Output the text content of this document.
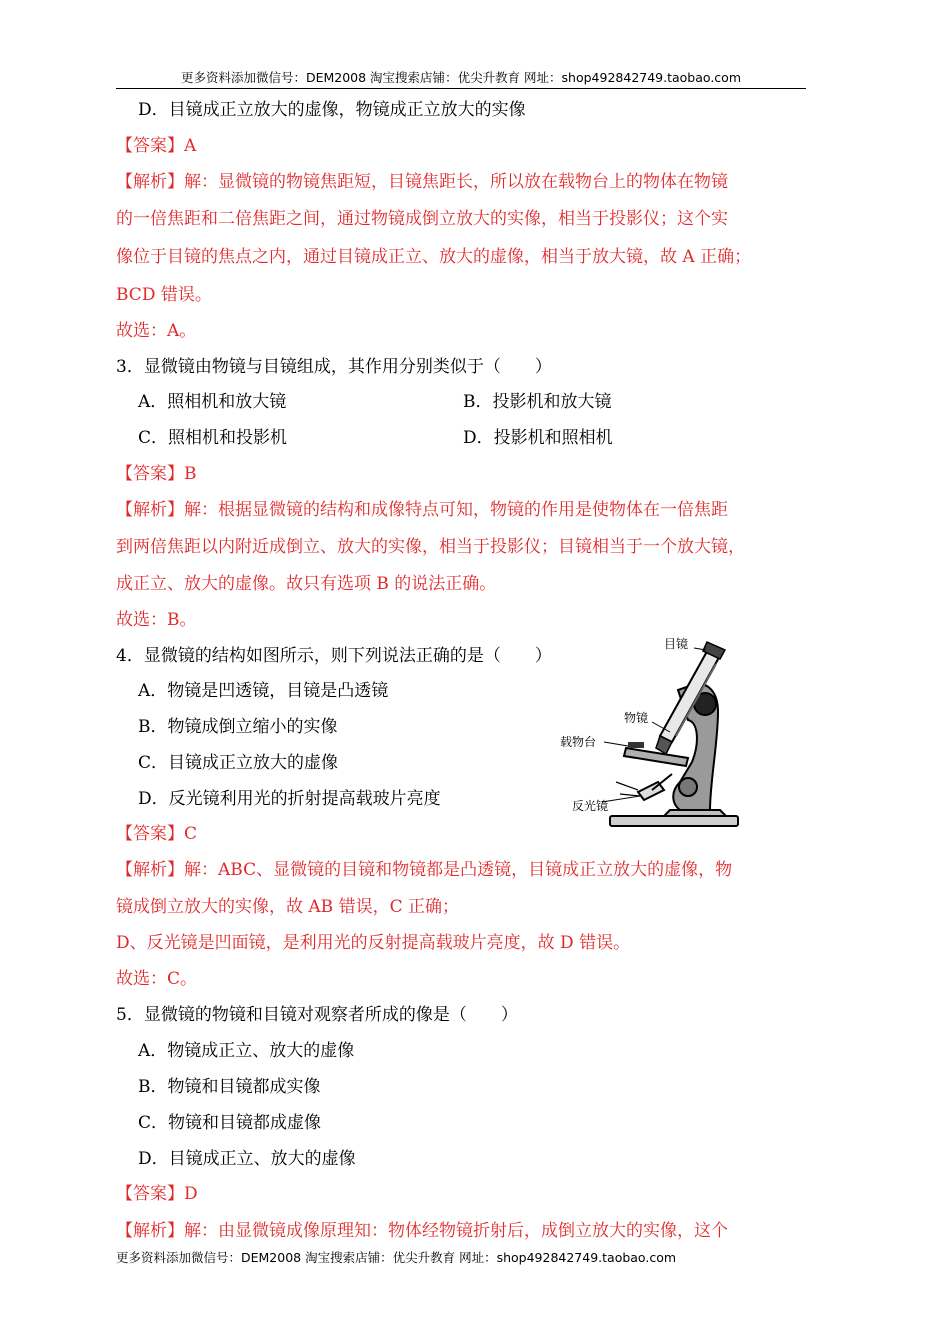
更多资料添加微信号：DEM2008 淘宝搜索店铺：优尖升教育 网址：shop492842749.taobao.com
D．目镜成正立放大的虚像，物镜成正立放大的实像
【答案】A
【解析】解：显微镜的物镜焦距短，目镜焦距长，所以放在载物台上的物体在物镜
的一倍焦距和二倍焦距之间，通过物镜成倒立放大的实像，相当于投影仪；这个实
像位于目镜的焦点之内，通过目镜成正立、放大的虚像，相当于放大镜，故 A 正确；
BCD 错误。
故选：A。
3．显微镜由物镜与目镜组成，其作用分别类似于（　　）
A．照相机和放大镜	B．投影机和放大镜
C．照相机和投影机	D．投影机和照相机
【答案】B
【解析】解：根据显微镜的结构和成像特点可知，物镜的作用是使物体在一倍焦距
到两倍焦距以内附近成倒立、放大的实像，相当于投影仪；目镜相当于一个放大镜，
成正立、放大的虚像。故只有选项 B 的说法正确。
故选：B。
4．显微镜的结构如图所示，则下列说法正确的是（　　）
A．物镜是凹透镜，目镜是凸透镜
B．物镜成倒立缩小的实像
C．目镜成正立放大的虚像
D．反光镜利用光的折射提高载玻片亮度
目镜
物镜
载物台
反光镜
【答案】C
【解析】解：ABC、显微镜的目镜和物镜都是凸透镜，目镜成正立放大的虚像，物
镜成倒立放大的实像，故 AB 错误，C 正确；
D、反光镜是凹面镜，是利用光的反射提高载玻片亮度，故 D 错误。
故选：C。
5．显微镜的物镜和目镜对观察者所成的像是（　　）
A．物镜成正立、放大的虚像
B．物镜和目镜都成实像
C．物镜和目镜都成虚像
D．目镜成正立、放大的虚像
【答案】D
【解析】解：由显微镜成像原理知：物体经物镜折射后，成倒立放大的实像，这个
更多资料添加微信号：DEM2008 淘宝搜索店铺：优尖升教育 网址：shop492842749.taobao.com
